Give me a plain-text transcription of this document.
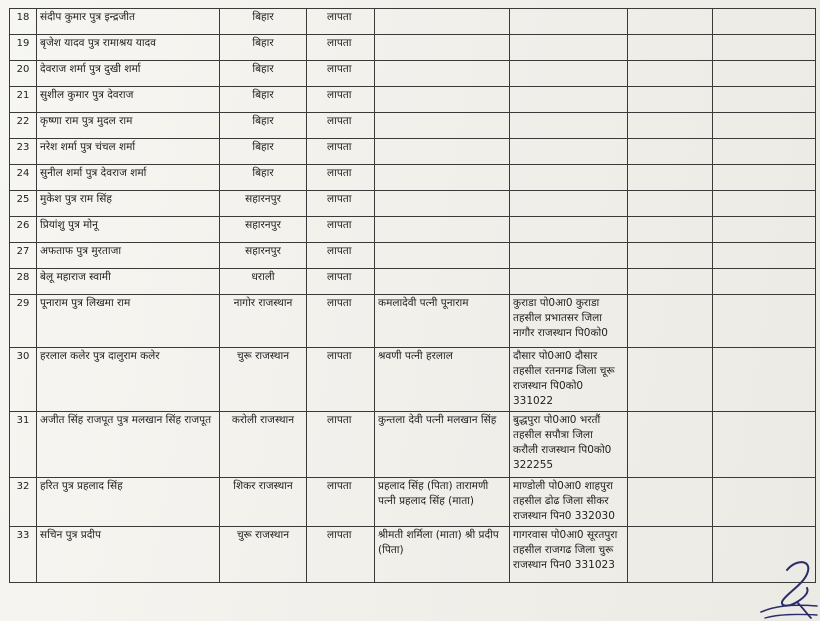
18	संदीप कुमार पुत्र इन्द्रजीत	बिहार	लापता				
19	बृजेश यादव पुत्र रामाश्रय यादव	बिहार	लापता				
20	देवराज शर्मा पुत्र दुखी शर्मा	बिहार	लापता				
21	सुशील कुमार पुत्र देवराज	बिहार	लापता				
22	कृष्णा राम पुत्र मुदल राम	बिहार	लापता				
23	नरेश शर्मा पुत्र चंचल शर्मा	बिहार	लापता				
24	सुनील शर्मा पुत्र देवराज शर्मा	बिहार	लापता				
25	मुकेश पुत्र राम सिंह	सहारनपुर	लापता				
26	प्रियांशु पुत्र मोनू	सहारनपुर	लापता				
27	अफताफ पुत्र मुरताजा	सहारनपुर	लापता				
28	बेलू महाराज स्वामी	धराली	लापता				
29	पूनाराम पुत्र लिखमा राम	नागोर राजस्थान	लापता	कमलादेवी पत्नी पूनाराम	कुराडा पो0आ0 कुराडा
तहसील प्रभातसर जिला
नागौर राजस्थान पि0को0		

30	हरलाल कलेर पुत्र दालुराम कलेर	चुरू राजस्थान	लापता	श्रवणी पत्नी हरलाल	दौसार पो0आ0 दौसार
तहसील रतनगढ जिला चूरू
राजस्थान पि0को0 331022		

31	अजीत सिंह राजपूत पुत्र मलखान सिंह राजपूत	करोली राजस्थान	लापता	कुन्तला देवी पत्नी मलखान सिंह	बुद्धपुरा पो0आ0 भरतौं
तहसील सपौत्रा जिला
करौली राजस्थान पि0को0
322255		

32	हरित पुत्र प्रहलाद सिंह	शिकर राजस्थान	लापता	प्रहलाद सिंह (पिता) तारामणी पत्नी प्रहलाद सिंह (माता)	माण्डोली पो0आ0 शाहपुरा
तहसील ढोढ जिला सीकर
राजस्थान पिन0 332030		

33	सचिन पुत्र प्रदीप	चुरू राजस्थान	लापता	श्रीमती शर्मिला (माता) श्री प्रदीप (पिता)	गागरवास पो0आ0 सूरतपुरा
तहसील राजगढ जिला चुरू
राजस्थान पिन0 331023		
